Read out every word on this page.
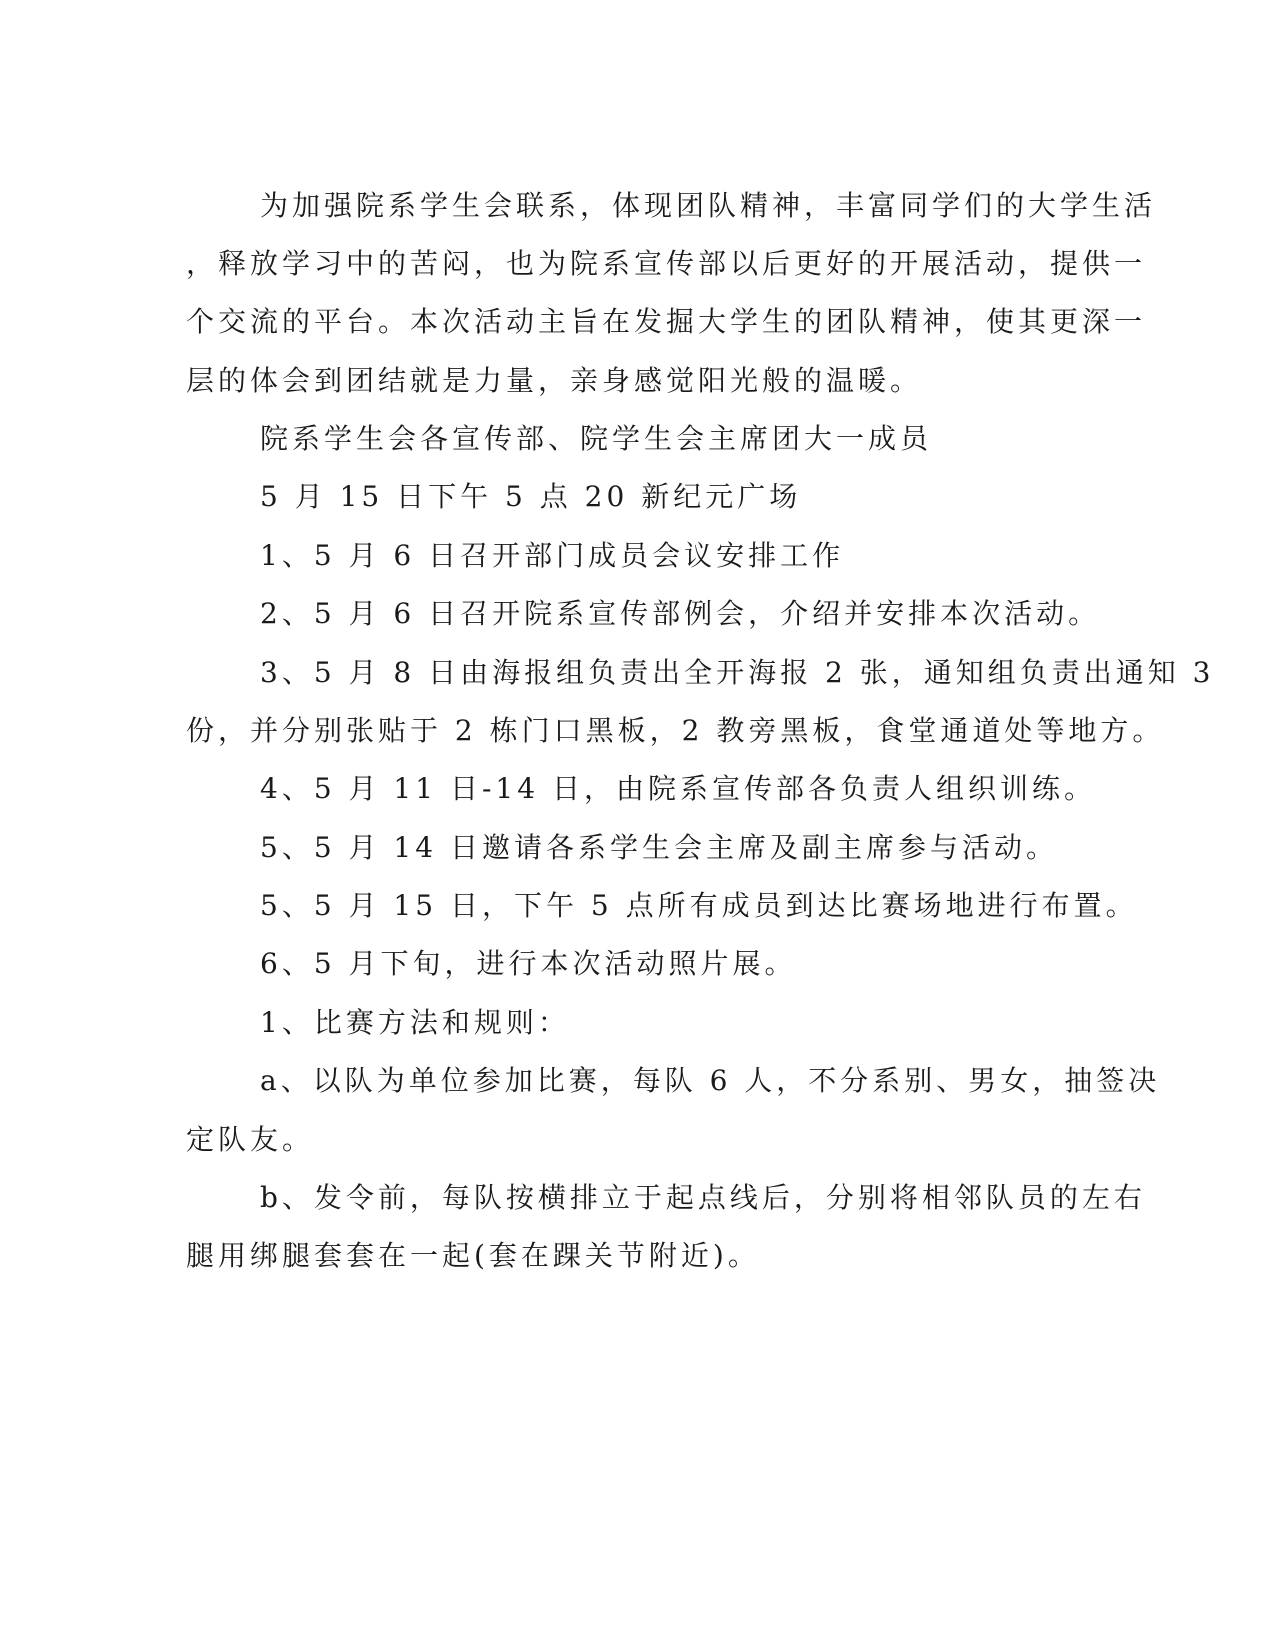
为加强院系学生会联系，体现团队精神，丰富同学们的大学生活

，释放学习中的苦闷，也为院系宣传部以后更好的开展活动，提供一

个交流的平台。本次活动主旨在发掘大学生的团队精神，使其更深一

层的体会到团结就是力量，亲身感觉阳光般的温暖。

院系学生会各宣传部、院学生会主席团大一成员

5 月 15 日下午 5 点 20 新纪元广场

1、5 月 6 日召开部门成员会议安排工作

2、5 月 6 日召开院系宣传部例会，介绍并安排本次活动。

3、5 月 8 日由海报组负责出全开海报 2 张，通知组负责出通知 3

份，并分别张贴于 2 栋门口黑板，2 教旁黑板，食堂通道处等地方。

4、5 月 11 日-14 日，由院系宣传部各负责人组织训练。

5、5 月 14 日邀请各系学生会主席及副主席参与活动。

5、5 月 15 日，下午 5 点所有成员到达比赛场地进行布置。

6、5 月下旬，进行本次活动照片展。

1、比赛方法和规则：

a、以队为单位参加比赛，每队 6 人，不分系别、男女，抽签决

定队友。

b、发令前，每队按横排立于起点线后，分别将相邻队员的左右

腿用绑腿套套在一起(套在踝关节附近)。
